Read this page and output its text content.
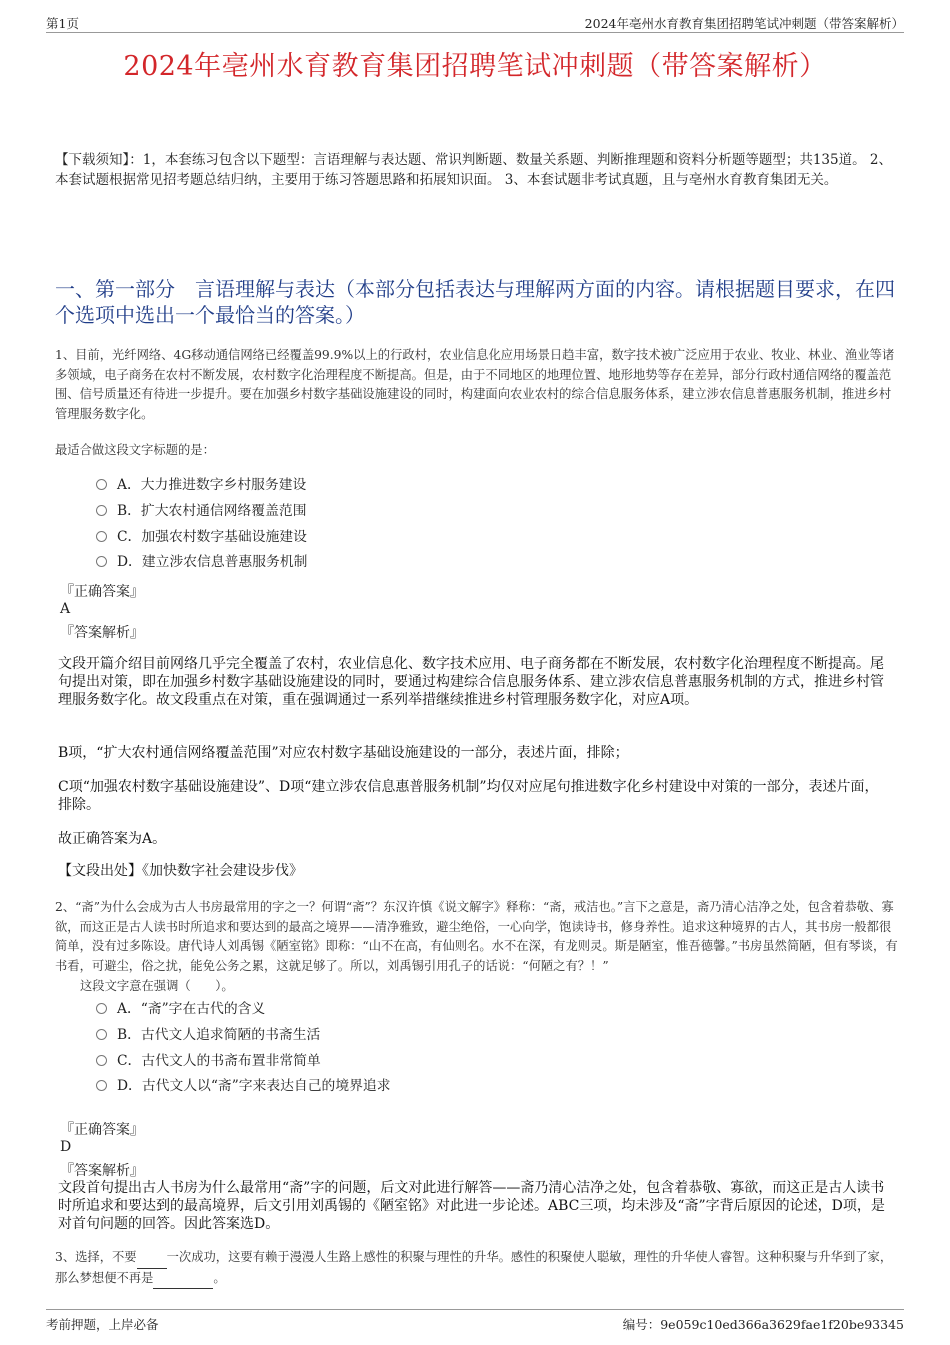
第1页	2024年亳州水育教育集团招聘笔试冲刺题（带答案解析）
2024年亳州水育教育集团招聘笔试冲刺题（带答案解析）
【下载须知】：1，本套练习包含以下题型：言语理解与表达题、常识判断题、数量关系题、判断推理题和资料分析题等题型；共135道。 2、本套试题根据常见招考题总结归纳，主要用于练习答题思路和拓展知识面。 3、本套试题非考试真题，且与亳州水育教育集团无关。
一、第一部分　言语理解与表达（本部分包括表达与理解两方面的内容。请根据题目要求，在四个选项中选出一个最恰当的答案。）
1、目前，光纤网络、4G移动通信网络已经覆盖99.9%以上的行政村，农业信息化应用场景日趋丰富，数字技术被广泛应用于农业、牧业、林业、渔业等诸多领域，电子商务在农村不断发展，农村数字化治理程度不断提高。但是，由于不同地区的地理位置、地形地势等存在差异，部分行政村通信网络的覆盖范围、信号质量还有待进一步提升。要在加强乡村数字基础设施建设的同时，构建面向农业农村的综合信息服务体系，建立涉农信息普惠服务机制，推进乡村管理服务数字化。
最适合做这段文字标题的是：
A．大力推进数字乡村服务建设
B．扩大农村通信网络覆盖范围
C．加强农村数字基础设施建设
D．建立涉农信息普惠服务机制
『正确答案』
A
『答案解析』
文段开篇介绍目前网络几乎完全覆盖了农村，农业信息化、数字技术应用、电子商务都在不断发展，农村数字化治理程度不断提高。尾句提出对策，即在加强乡村数字基础设施建设的同时，要通过构建综合信息服务体系、建立涉农信息普惠服务机制的方式，推进乡村管理服务数字化。故文段重点在对策，重在强调通过一系列举措继续推进乡村管理服务数字化，对应A项。
B项，“扩大农村通信网络覆盖范围”对应农村数字基础设施建设的一部分，表述片面，排除；
C项“加强农村数字基础设施建设”、D项“建立涉农信息惠普服务机制”均仅对应尾句推进数字化乡村建设中对策的一部分，表述片面，排除。
故正确答案为A。
【文段出处】《加快数字社会建设步伐》
2、“斋”为什么会成为古人书房最常用的字之一？何谓“斋”？东汉许慎《说文解字》释称：“斋，戒洁也。”言下之意是，斋乃清心洁净之处，包含着恭敬、寡欲，而这正是古人读书时所追求和要达到的最高之境界——清净雅致，避尘绝俗，一心向学，饱读诗书，修身养性。追求这种境界的古人，其书房一般都很简单，没有过多陈设。唐代诗人刘禹锡《陋室铭》即称：“山不在高，有仙则名。水不在深，有龙则灵。斯是陋室，惟吾德馨。”书房虽然简陋，但有琴谈，有书看，可避尘，俗之扰，能免公务之累，这就足够了。所以，刘禹锡引用孔子的话说：“何陋之有？！”
这段文字意在强调（　　）。
A．“斋”字在古代的含义
B．古代文人追求简陋的书斋生活
C．古代文人的书斋布置非常简单
D．古代文人以“斋”字来表达自己的境界追求
『正确答案』
D
『答案解析』
文段首句提出古人书房为什么最常用“斋”字的问题，后文对此进行解答——斋乃清心洁净之处，包含着恭敬、寡欲，而这正是古人读书时所追求和要达到的最高境界，后文引用刘禹锡的《陋室铭》对此进一步论述。ABC三项，均未涉及“斋”字背后原因的论述，D项，是对首句问题的回答。因此答案选D。
3、选择，不要 一次成功，这要有赖于漫漫人生路上感性的积聚与理性的升华。感性的积聚使人聪敏，理性的升华使人睿智。这种积聚与升华到了家，那么梦想便不再是	。
考前押题，上岸必备	编号：9e059c10ed366a3629fae1f20be93345
